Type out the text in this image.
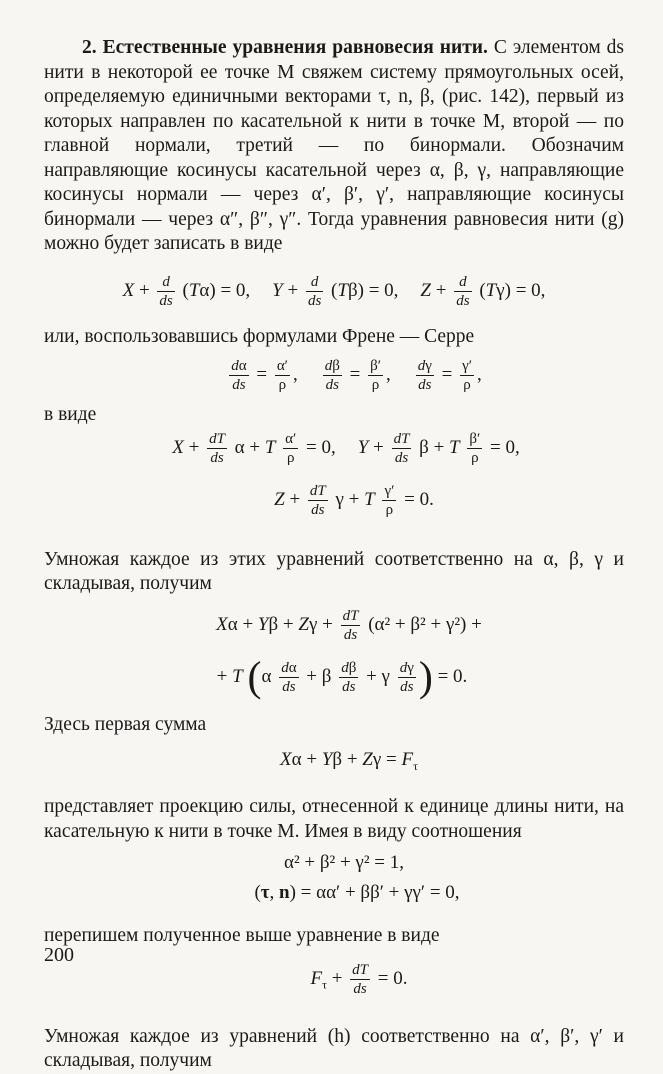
2. Естественные уравнения равновесия нити. С элементом ds нити в некоторой ее точке M свяжем систему прямоугольных осей, определяемую единичными векторами τ, n, β, (рис. 142), первый из которых направлен по касательной к нити в точке M, второй — по главной нормали, третий — по бинормали. Обозначим направляющие косинусы касательной через α, β, γ, направляющие косинусы нормали — через α′, β′, γ′, направляющие косинусы бинормали — через α″, β″, γ″. Тогда уравнения равновесия нити (g) можно будет записать в виде

$X + \frac{d}{ds} (T\alpha) = 0$, $Y + \frac{d}{ds} (T\beta) = 0$, $Z + \frac{d}{ds} (T\gamma) = 0$,

или, воспользовавшись формулами Френе — Серре

$\frac{d\alpha}{ds} = \frac{\alpha'}{\rho}$ , $\frac{d\beta}{ds} = \frac{\beta'}{\rho}$ , $\frac{d\gamma}{ds} = \frac{\gamma'}{\rho}$ ,

в виде

$X + \frac{dT}{ds}$ α + T $\frac{\alpha'}{\rho} = 0$, $Y + \frac{dT}{ds}$ β + T $\frac{\beta'}{\rho} = 0$,
$Z + \frac{dT}{ds}$ γ + T $\frac{\gamma'}{\rho} = 0$.

Умножая каждое из этих уравнений соответственно на α, β, γ и складывая, получим

$X\alpha + Y\beta + Z\gamma + \frac{dT}{ds} (\alpha^2 + \beta^2 + \gamma^2)$ +
+ T ($\alpha \frac{d\alpha}{ds} + \beta \frac{d\beta}{ds} + \gamma \frac{d\gamma}{ds}$ ) = 0.

Здесь первая сумма

$X\alpha + Y\beta + Z\gamma = F_\tau$

представляет проекцию силы, отнесенной к единице длины нити, на касательную к нити в точке M. Имея в виду соотношения

α² + β² + γ² = 1,
(τ, n) = αα′ + ββ′ + γγ′ = 0,

перепишем полученное выше уравнение в виде

$F_\tau + \frac{dT}{ds} = 0$.

Умножая каждое из уравнений (h) соответственно на α′, β′, γ′ и складывая, получим

200
